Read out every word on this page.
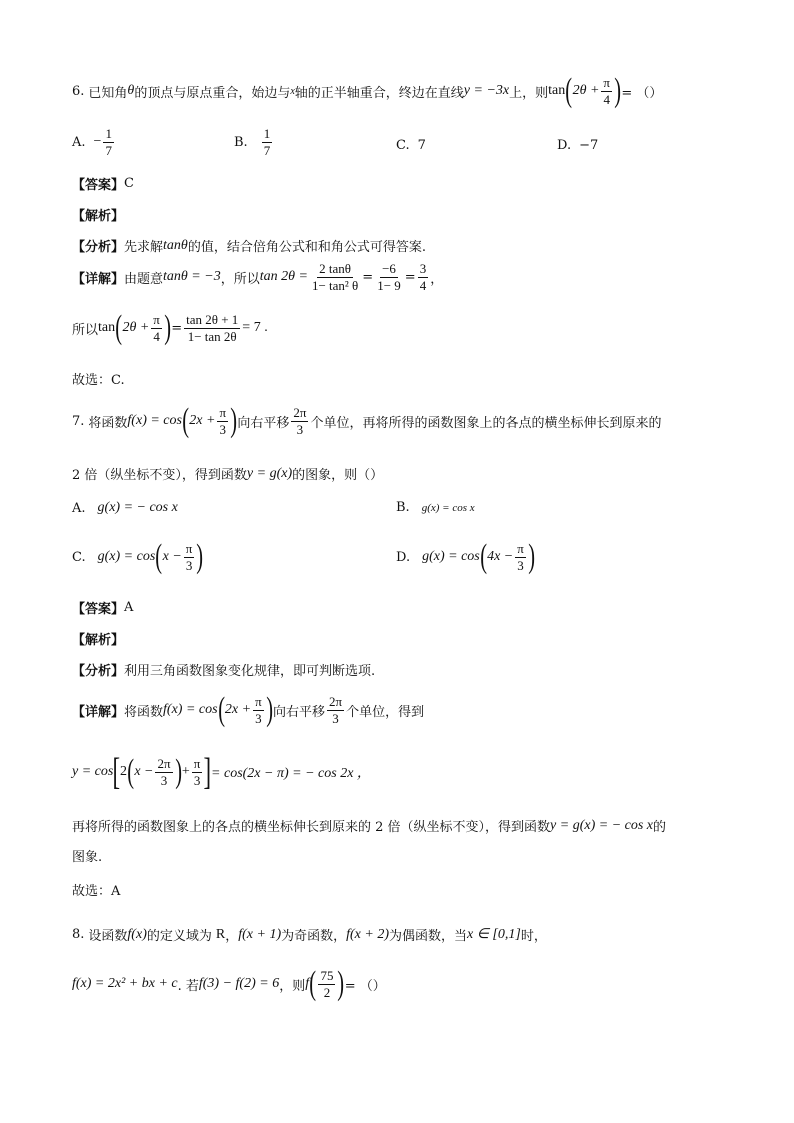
6. 已知角 θ 的顶点与原点重合，始边与 x 轴的正半轴重合，终边在直线 y = −3x 上，则 tan ( $2\theta + \frac{\pi}{4}$ ) = （）
A. − $\frac{1}{7}$	B. $\frac{1}{7}$	C. 7	D. −7
【答案】 C
【解析】
【分析】 先求解 tanθ 的值，结合倍角公式和和角公式可得答案.
【详解】 由题意 tanθ = −3 ，所以 $\tan 2\theta = \frac{2 \tan\theta}{\text{1− tan² θ}} = \frac{-6}{1- 9} = \frac{3}{4}$ ，
所以 tan ( $2\theta + \frac{\pi}{4}$ ) = $\frac{\tan 2\theta + 1}{1- \tan 2\theta} = 7$ .
故选：C.
7. 将函数 f(x) = cos ( $2x + \frac{\pi}{3}$ ) 向右平移 $\frac{2\pi}{3}$ 个单位，再将所得的函数图象上的各点的横坐标伸长到原来的
2 倍（纵坐标不变），得到函数 y = g(x) 的图象，则（）
A. g(x) = − cos x	B. g(x) = cos x
C. g(x) = cos ( $x - \frac{\pi}{3}$ )	D. g(x) = cos ( $4x - \frac{\pi}{3}$ )
【答案】 A
【解析】
【分析】 利用三角函数图象变化规律，即可判断选项.
【详解】 将函数 f(x) = cos ( $2x + \frac{\pi}{3}$ ) 向右平移 $\frac{2\pi}{3}$ 个单位，得到
y = cos [ 2 ( $x - \frac{2\pi}{3}$ ) + $\frac{\pi}{3}$ ] = cos(2x − π) = − cos 2x ，
再将所得的函数图象上的各点的横坐标伸长到原来的 2 倍（纵坐标不变），得到函数 y = g(x) = − cos x 的
图象.
故选：A
8. 设函数 f(x) 的定义域为 R ， f(x + 1) 为奇函数， f(x + 2) 为偶函数，当 x ∈ [0,1] 时，
f(x) = 2x² + bx + c . 若 f(3) − f(2) = 6 ，则 f ( $\frac{75}{2}$ ) = （）
